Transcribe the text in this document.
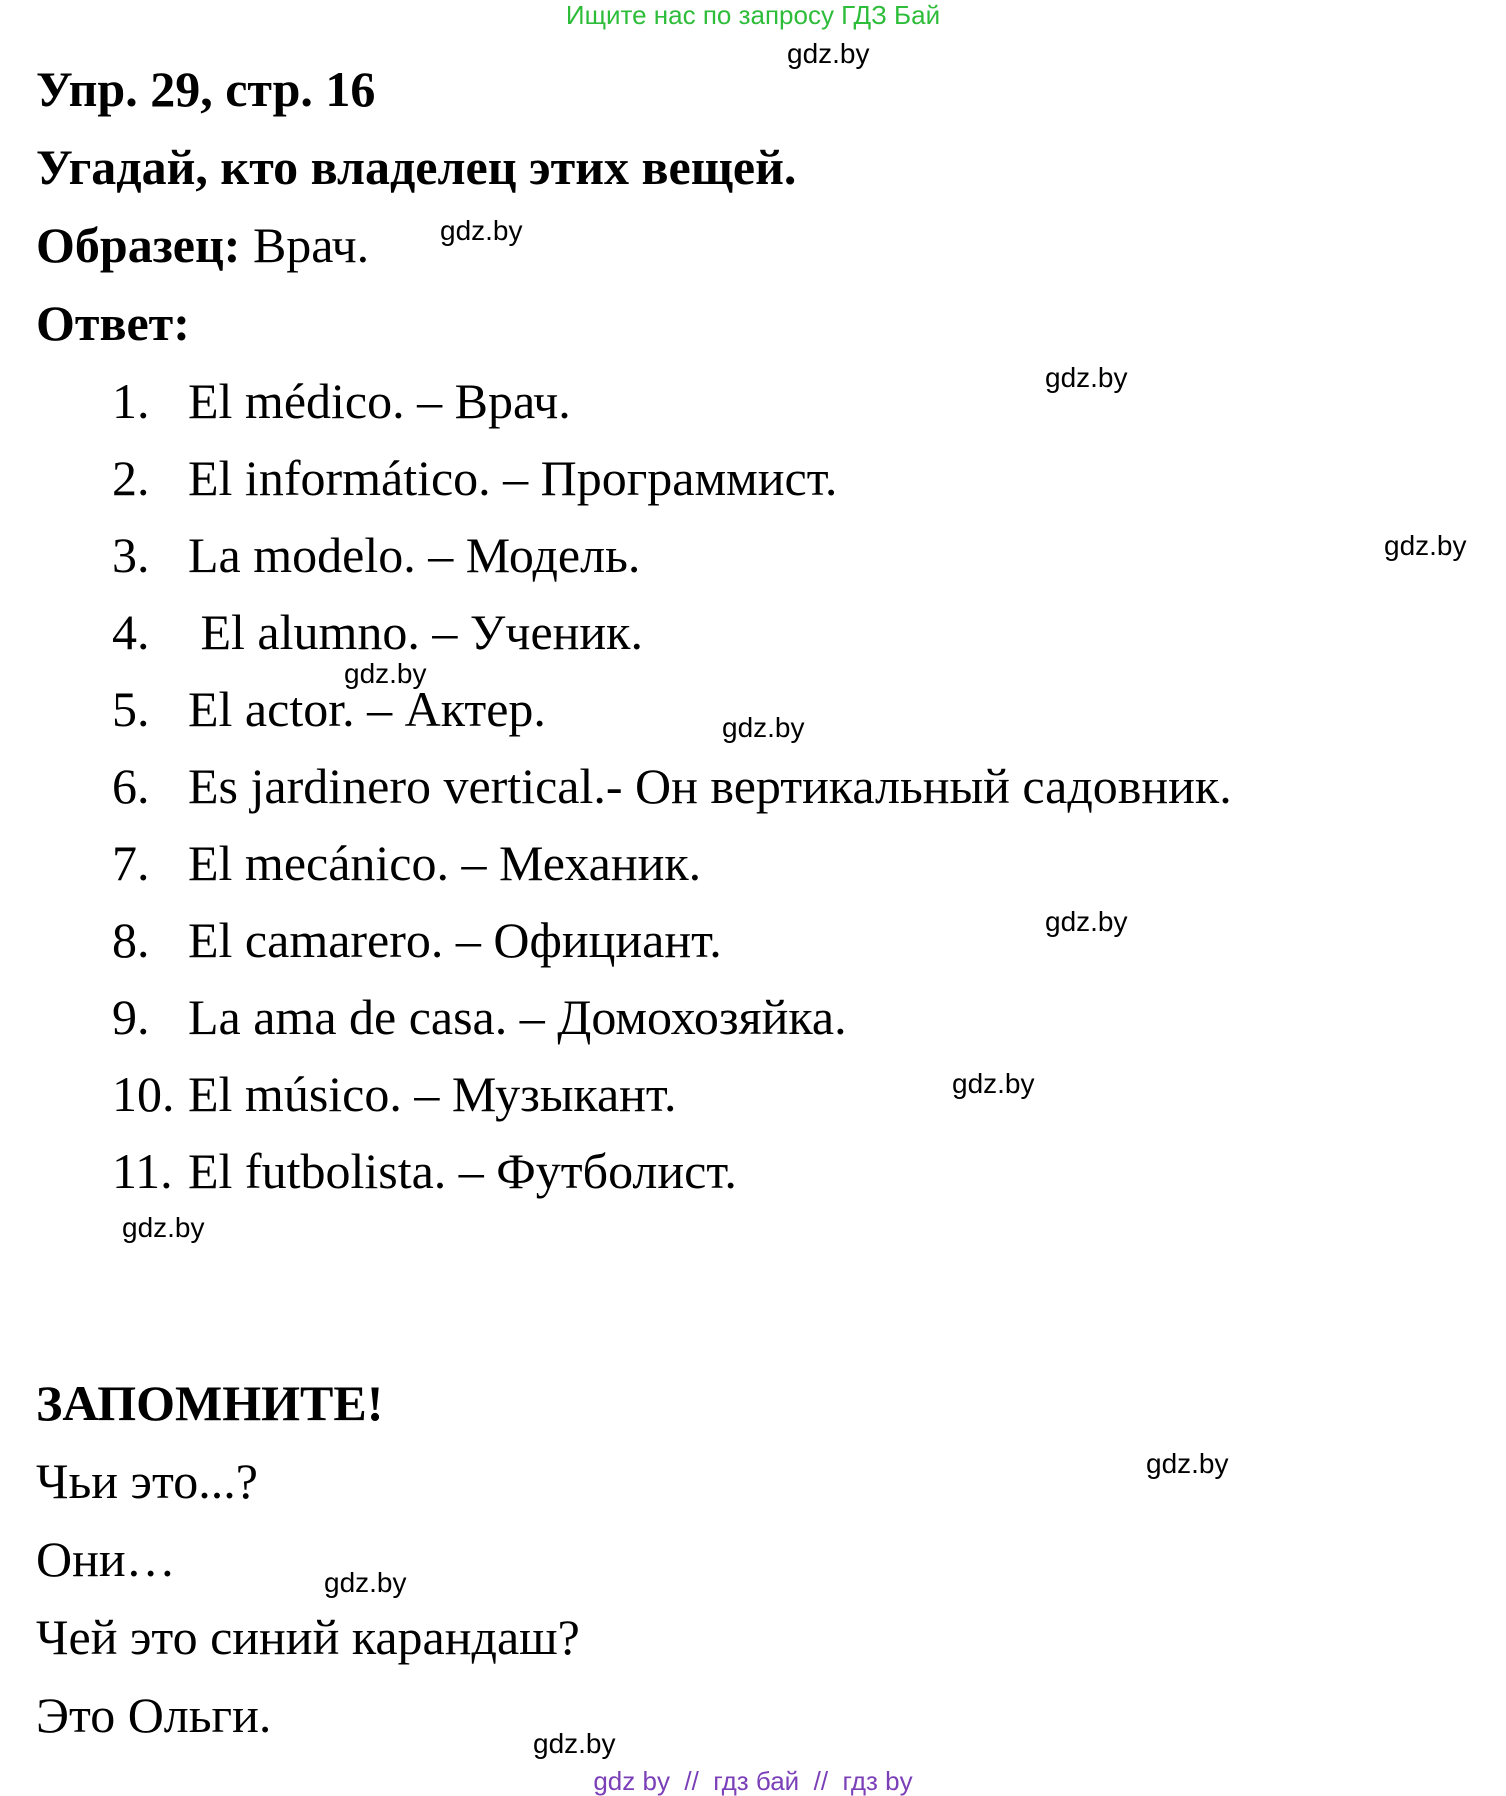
Ищите нас по запросу ГДЗ Бай
Упр. 29, стр. 16
Угадай, кто владелец этих вещей.
Образец: Врач.
Ответ:
1. El médico. – Врач.
2. El informático. – Программист.
3. La modelo. – Модель.
4. El alumno. – Ученик.
5. El actor. – Актер.
6. Es jardinero vertical.- Он вертикальный садовник.
7. El mecánico. – Механик.
8. El camarero. – Официант.
9. La ama de casa. – Домохозяйка.
10. El músico. – Музыкант.
11. El futbolista. – Футболист.
ЗАПОМНИТЕ!
Чьи это...?
Они…
Чей это синий карандаш?
Это Ольги.
gdz.by
gdz.by
gdz.by
gdz.by
gdz.by
gdz.by
gdz.by
gdz.by
gdz.by
gdz.by
gdz.by
gdz.by
gdz by  //  гдз бай  //  гдз by
